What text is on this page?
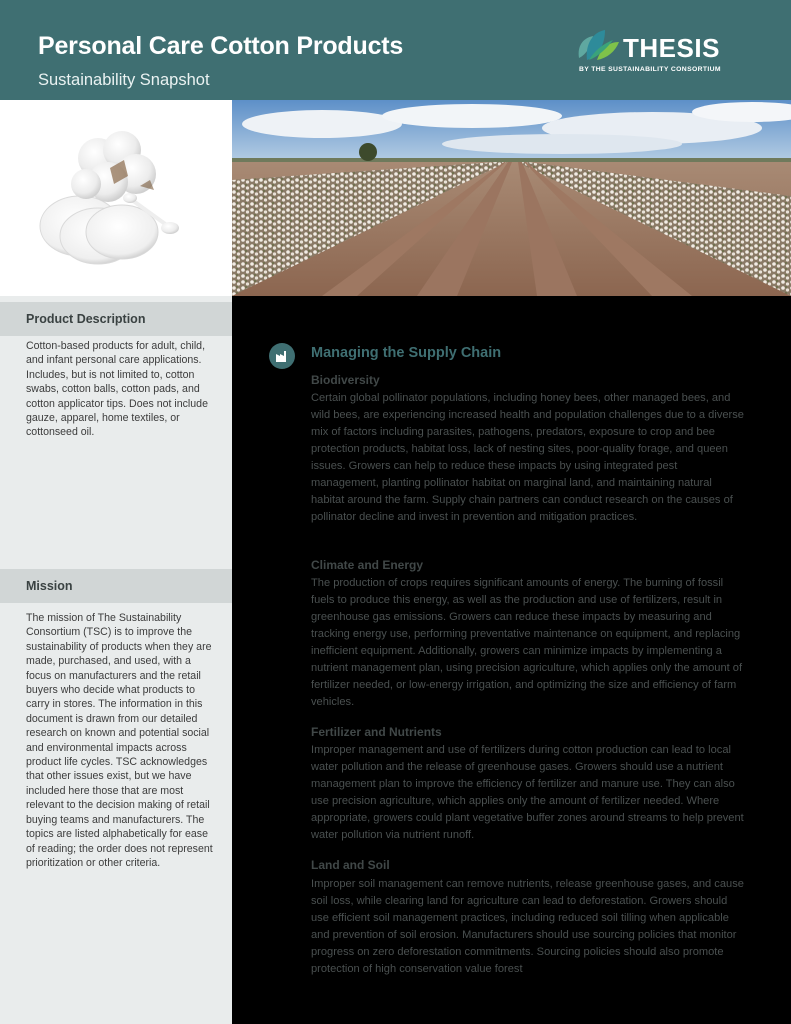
Personal Care Cotton Products
Sustainability Snapshot
THESIS
BY THE SUSTAINABILITY CONSORTIUM
Product Description
Cotton-based products for adult, child, and infant personal care applications. Includes, but is not limited to, cotton swabs, cotton balls, cotton pads, and cotton applicator tips. Does not include gauze, apparel, home textiles, or cottonseed oil.
Mission
The mission of The Sustainability Consortium (TSC) is to improve the sustainability of products when they are made, purchased, and used, with a focus on manufacturers and the retail buyers who decide what products to carry in stores. The information in this document is drawn from our detailed research on known and potential social and environmental impacts across product life cycles. TSC acknowledges that other issues exist, but we have included here those that are most relevant to the decision making of retail buying teams and manufacturers. The topics are listed alphabetically for ease of reading; the order does not represent prioritization or other criteria.
Managing the Supply Chain
Biodiversity

Certain global pollinator populations, including honey bees, other managed bees, and wild bees, are experiencing increased health and population challenges due to a diverse mix of factors including parasites, pathogens, predators, exposure to crop and bee protection products, habitat loss, lack of nesting sites, poor-quality forage, and queen issues. Growers can help to reduce these impacts by using integrated pest management, planting pollinator habitat on marginal land, and maintaining natural habitat around the farm. Supply chain partners can conduct research on the causes of pollinator decline and invest in prevention and mitigation practices.

Climate and Energy

The production of crops requires significant amounts of energy. The burning of fossil fuels to produce this energy, as well as the production and use of fertilizers, result in greenhouse gas emissions. Growers can reduce these impacts by measuring and tracking energy use, performing preventative maintenance on equipment, and replacing inefficient equipment. Additionally, growers can minimize impacts by implementing a nutrient management plan, using precision agriculture, which applies only the amount of fertilizer needed, or low-energy irrigation, and optimizing the size and efficiency of farm vehicles.

Fertilizer and Nutrients

Improper management and use of fertilizers during cotton production can lead to local water pollution and the release of greenhouse gases. Growers should use a nutrient management plan to improve the efficiency of fertilizer and manure use. They can also use precision agriculture, which applies only the amount of fertilizer needed. Where appropriate, growers could plant vegetative buffer zones around streams to help prevent water pollution via nutrient runoff.

Land and Soil

Improper soil management can remove nutrients, release greenhouse gases, and cause soil loss, while clearing land for agriculture can lead to deforestation. Growers should use efficient soil management practices, including reduced soil tilling when applicable and prevention of soil erosion. Manufacturers should use sourcing policies that monitor progress on zero deforestation commitments. Sourcing policies should also promote protection of high conservation value forest
